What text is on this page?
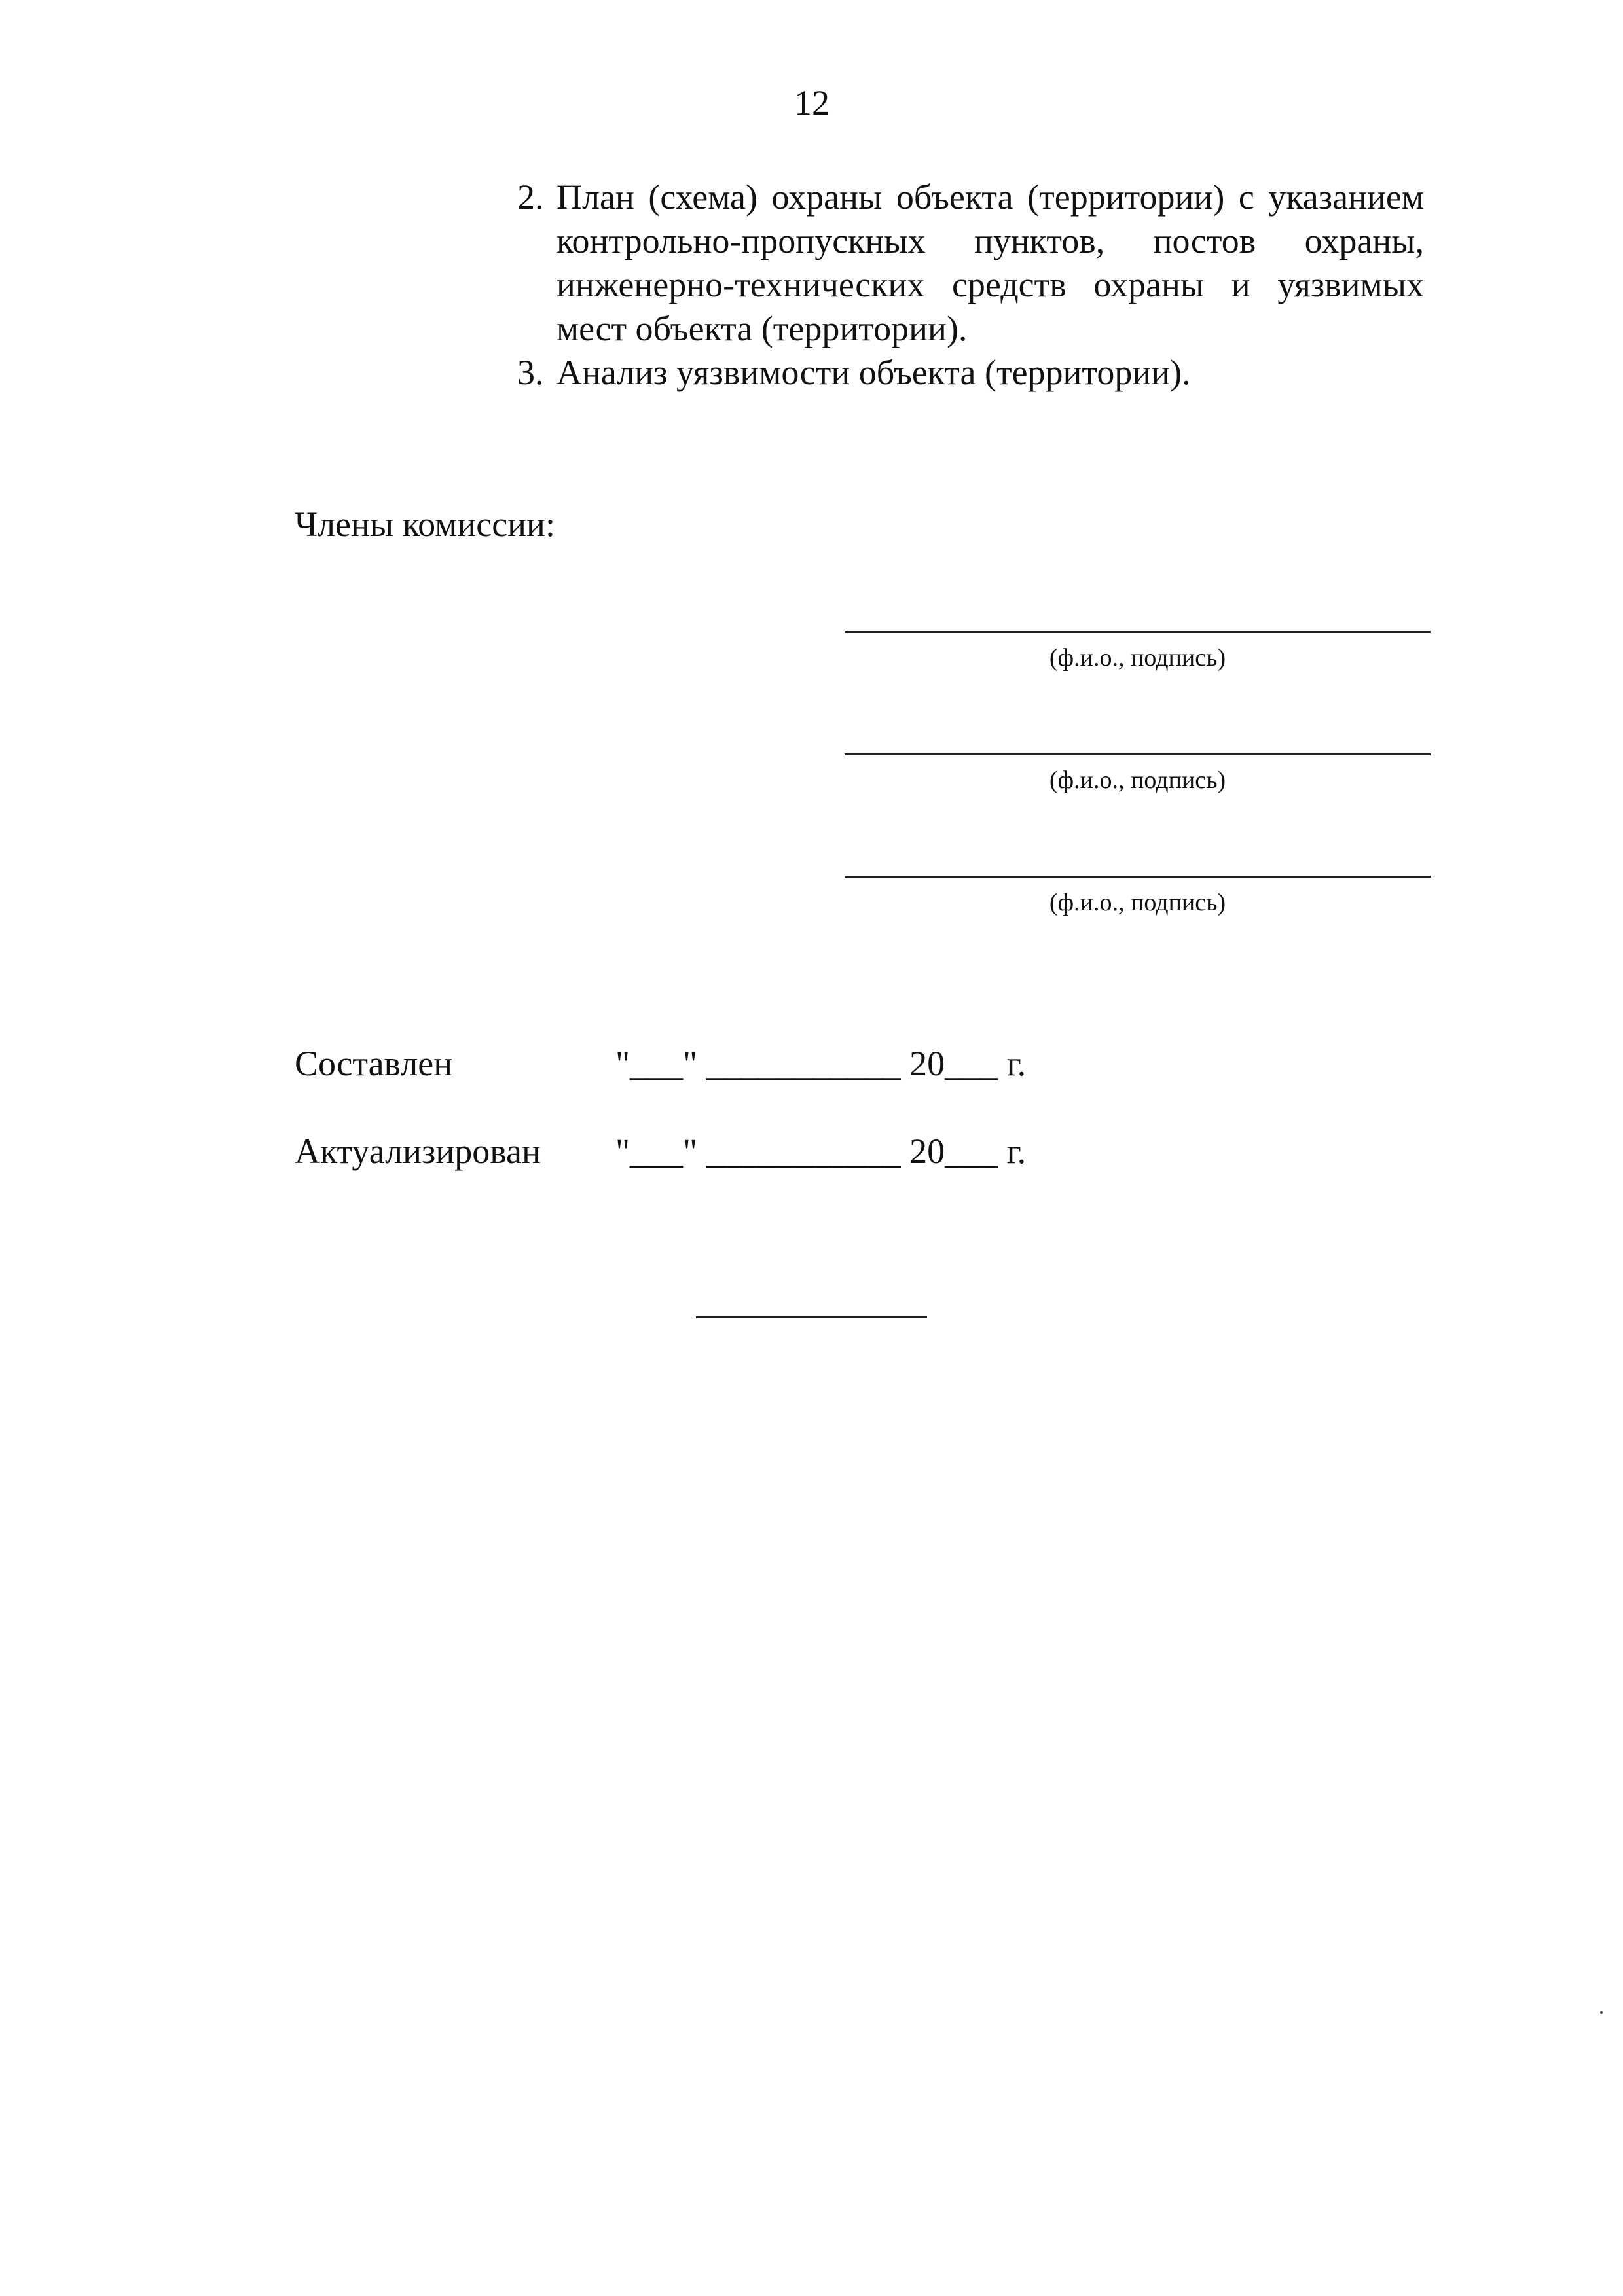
12

2. План (схема) охраны объекта (территории) с указанием контрольно-пропускных пунктов, постов охраны, инженерно-технических средств охраны и уязвимых мест объекта (территории).

3. Анализ уязвимости объекта (территории).

Члены комиссии:
(ф.и.о., подпись)
(ф.и.о., подпись)
(ф.и.о., подпись)
Составлен	"___" ___________ 20___ г.
Актуализирован "___" ___________ 20___ г.
